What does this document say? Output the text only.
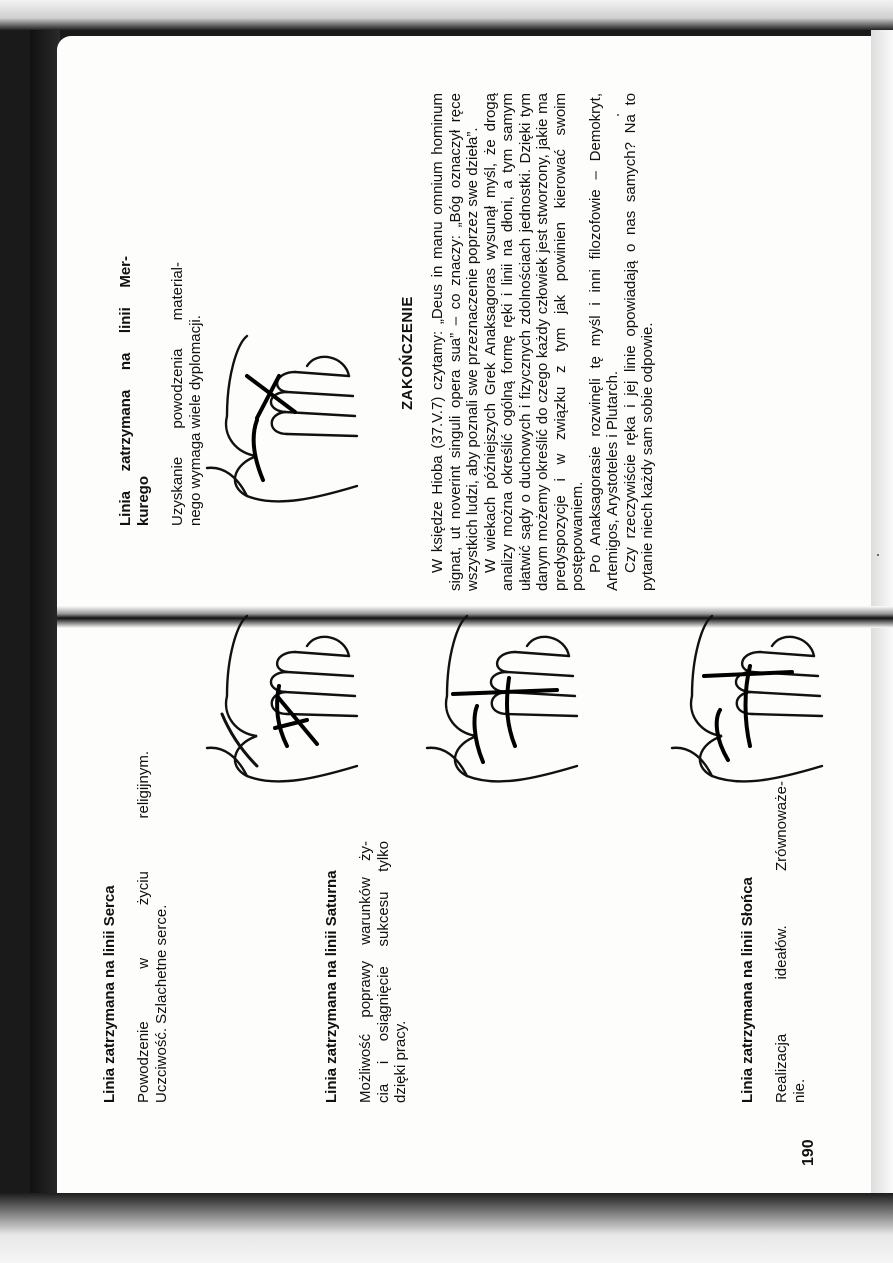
Linia zatrzymana na linii Serca Powodzenie w życiu religijnym. Uczciwość. Szlachetne serce.	Linia zatrzymana na linii Saturna Możliwość poprawy warunków ży- cia i osiągnięcie sukcesu tylko dzięki pracy.	Linia zatrzymana na linii Słońca Realizacja ideałów. Zrównoważe- nie.

190
Linia zatrzymana na linii Mer- kurego Uzyskanie powodzenia material- nego wymaga wiele dyplomacji.	ZAKOŃCZENIE W księdze Hioba (37.V.7) czytamy: „Deus in manu omnium hominum signat, ut noverint singuli opera sua” – co znaczy: „Bóg oznaczył ręce wszystkich ludzi, aby poznali swe przeznaczenie poprzez swe dzieła”. W wiekach późniejszych Grek Anaksagoras wysunął myśl, że drogą analizy można określić ogólną formę ręki i linii na dłoni, a tym samym ułatwić sądy o duchowych i fizycznych zdolnościach jednostki. Dzięki tym danym możemy określić do czego każdy człowiek jest stworzony, jakie ma predyspozycje i w związku z tym jak powinien kierować swoim postępowaniem. Po Anaksagorasie rozwinęli tę myśl i inni filozofowie – Demokryt, Artemigos, Arystoteles i Plutarch. Czy rzeczywiście ręka i jej linie opowiadają o nas samych? Na to pytanie niech każdy sam sobie odpowie.
